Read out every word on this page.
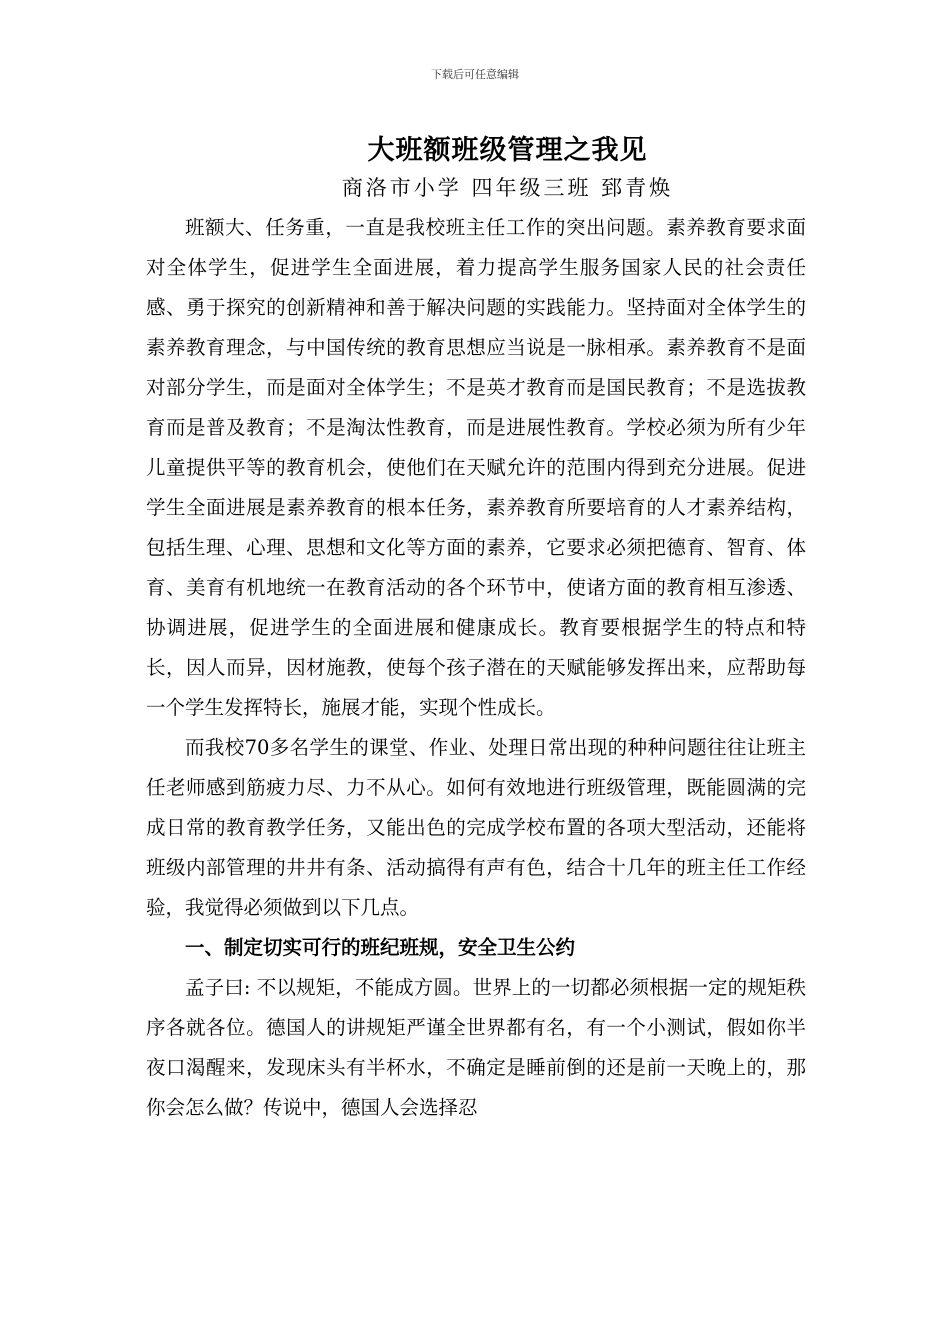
下载后可任意编辑
大班额班级管理之我见
商洛市小学 四年级三班 郅青焕

班额大、任务重，一直是我校班主任工作的突出问题。素养教育要求面对全体学生，促进学生全面进展，着力提高学生服务国家人民的社会责任感、勇于探究的创新精神和善于解决问题的实践能力。坚持面对全体学生的素养教育理念，与中国传统的教育思想应当说是一脉相承。素养教育不是面对部分学生，而是面对全体学生；不是英才教育而是国民教育；不是选拔教育而是普及教育；不是淘汰性教育，而是进展性教育。学校必须为所有少年儿童提供平等的教育机会，使他们在天赋允许的范围内得到充分进展。促进学生全面进展是素养教育的根本任务，素养教育所要培育的人才素养结构，包括生理、心理、思想和文化等方面的素养，它要求必须把德育、智育、体育、美育有机地统一在教育活动的各个环节中，使诸方面的教育相互渗透、协调进展，促进学生的全面进展和健康成长。教育要根据学生的特点和特长，因人而异，因材施教，使每个孩子潜在的天赋能够发挥出来，应帮助每一个学生发挥特长，施展才能，实现个性成长。

而我校70多名学生的课堂、作业、处理日常出现的种种问题往往让班主任老师感到筋疲力尽、力不从心。如何有效地进行班级管理，既能圆满的完成日常的教育教学任务，又能出色的完成学校布置的各项大型活动，还能将班级内部管理的井井有条、活动搞得有声有色，结合十几年的班主任工作经验，我觉得必须做到以下几点。

一、制定切实可行的班纪班规，安全卫生公约

孟子曰: 不以规矩，不能成方圆。世界上的一切都必须根据一定的规矩秩序各就各位。德国人的讲规矩严谨全世界都有名，有一个小测试，假如你半夜口渴醒来，发现床头有半杯水，不确定是睡前倒的还是前一天晚上的，那你会怎么做？传说中，德国人会选择忍
